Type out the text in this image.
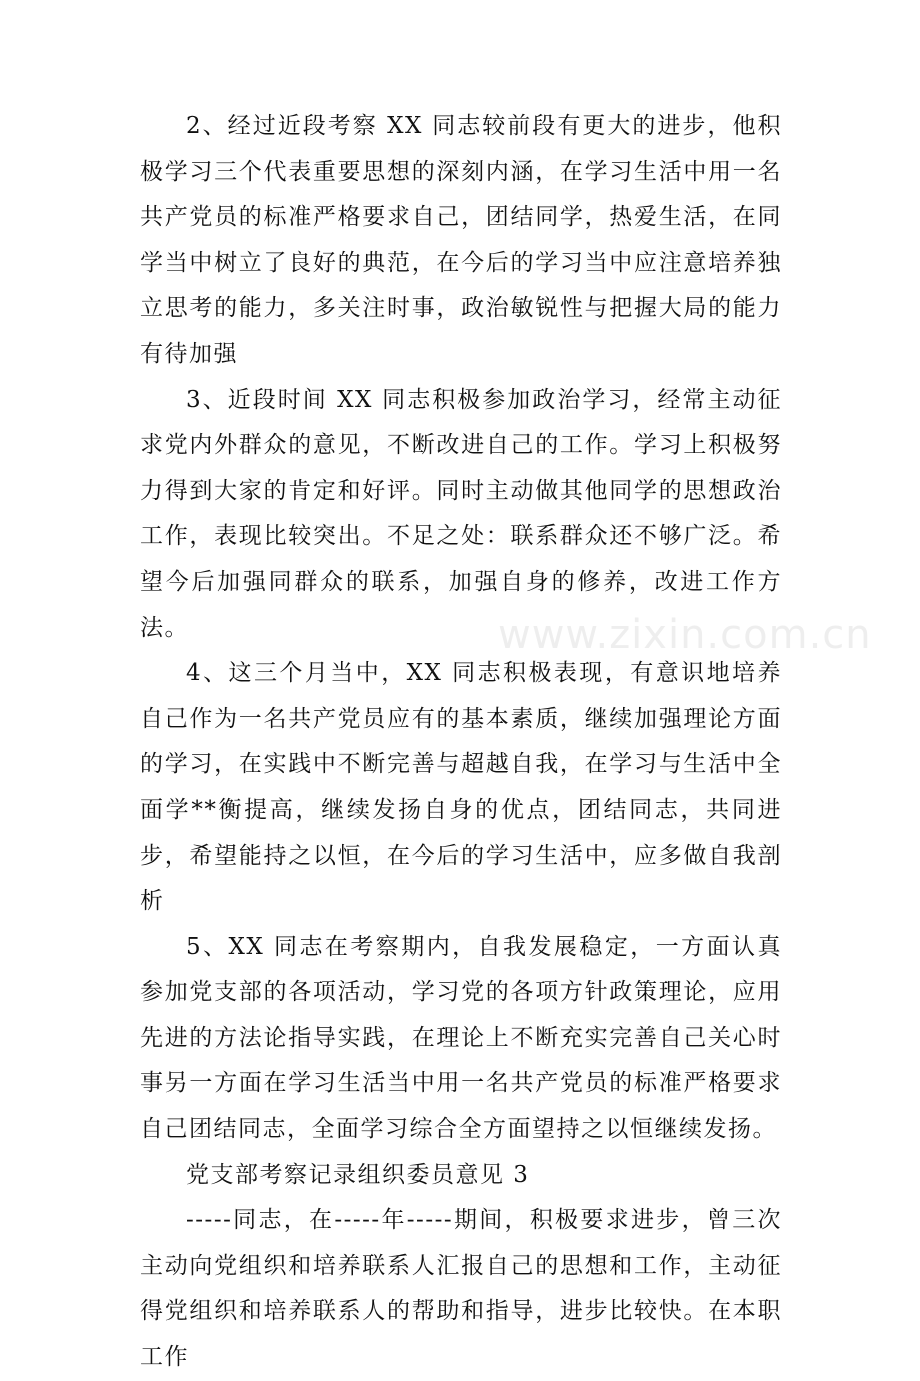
2、经过近段考察 XX 同志较前段有更大的进步，他积极学习三个代表重要思想的深刻内涵，在学习生活中用一名共产党员的标准严格要求自己，团结同学，热爱生活，在同学当中树立了良好的典范，在今后的学习当中应注意培养独立思考的能力，多关注时事，政治敏锐性与把握大局的能力有待加强

3、近段时间 XX 同志积极参加政治学习，经常主动征求党内外群众的意见，不断改进自己的工作。学习上积极努力得到大家的肯定和好评。同时主动做其他同学的思想政治工作，表现比较突出。不足之处：联系群众还不够广泛。希望今后加强同群众的联系，加强自身的修养，改进工作方法。

4、这三个月当中，XX 同志积极表现，有意识地培养自己作为一名共产党员应有的基本素质，继续加强理论方面的学习，在实践中不断完善与超越自我，在学习与生活中全面学**衡提高，继续发扬自身的优点，团结同志，共同进步，希望能持之以恒，在今后的学习生活中，应多做自我剖析

5、XX 同志在考察期内，自我发展稳定，一方面认真参加党支部的各项活动，学习党的各项方针政策理论，应用先进的方法论指导实践，在理论上不断充实完善自己关心时事另一方面在学习生活当中用一名共产党员的标准严格要求自己团结同志，全面学习综合全方面望持之以恒继续发扬。

党支部考察记录组织委员意见 3

-----同志，在-----年-----期间，积极要求进步，曾三次主动向党组织和培养联系人汇报自己的思想和工作，主动征得党组织和培养联系人的帮助和指导，进步比较快。在本职工作

www.zixin.com.cn
